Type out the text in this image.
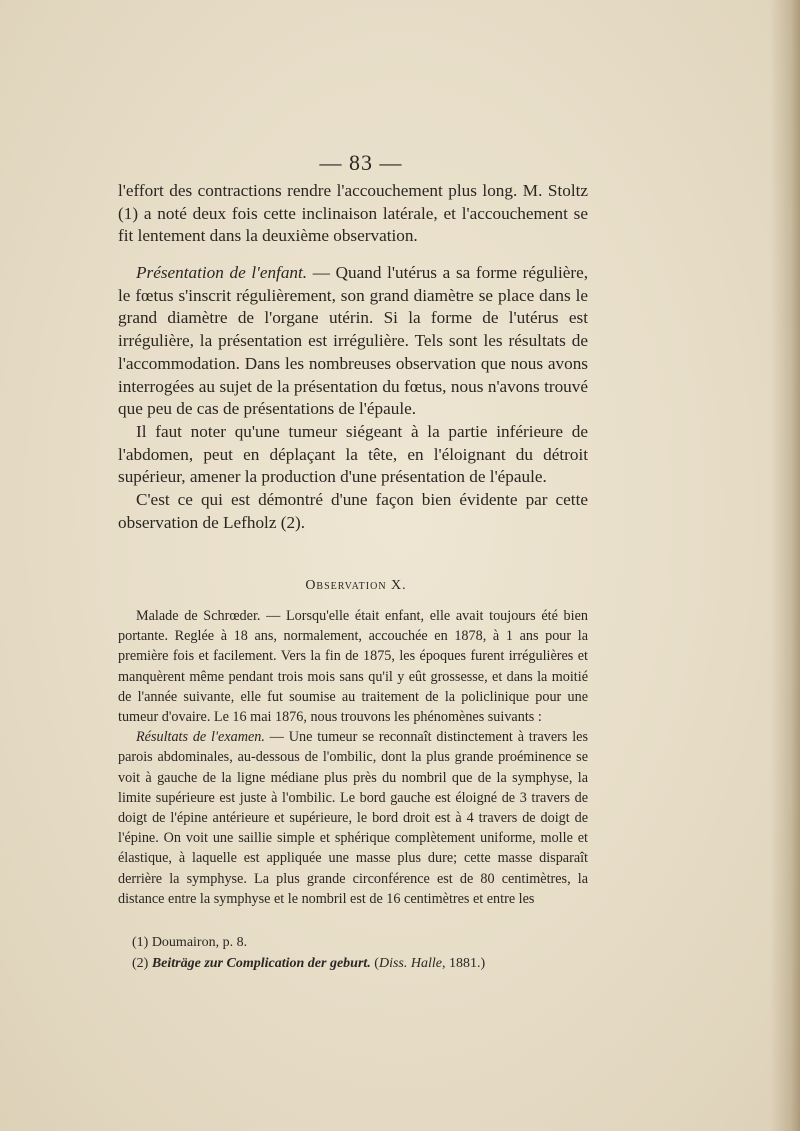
— 83 —

l'effort des contractions rendre l'accouchement plus long. M. Stoltz (1) a noté deux fois cette inclinaison latérale, et l'accouchement se fit lentement dans la deuxième observation.

Présentation de l'enfant. — Quand l'utérus a sa forme régulière, le fœtus s'inscrit régulièrement, son grand diamètre se place dans le grand diamètre de l'organe utérin. Si la forme de l'utérus est irrégulière, la présentation est irrégulière. Tels sont les résultats de l'accommodation. Dans les nombreuses observation que nous avons interrogées au sujet de la présentation du fœtus, nous n'avons trouvé que peu de cas de présentations de l'épaule.

Il faut noter qu'une tumeur siégeant à la partie inférieure de l'abdomen, peut en déplaçant la tête, en l'éloignant du détroit supérieur, amener la production d'une présentation de l'épaule.

C'est ce qui est démontré d'une façon bien évidente par cette observation de Lefholz (2).

Observation X.

Malade de Schrœder. — Lorsqu'elle était enfant, elle avait toujours été bien portante. Reglée à 18 ans, normalement, accouchée en 1878, à 1 ans pour la première fois et facilement. Vers la fin de 1875, les époques furent irrégulières et manquèrent même pendant trois mois sans qu'il y eût grossesse, et dans la moitié de l'année suivante, elle fut soumise au traitement de la policlinique pour une tumeur d'ovaire. Le 16 mai 1876, nous trouvons les phénomènes suivants :

Résultats de l'examen. — Une tumeur se reconnaît distinctement à travers les parois abdominales, au-dessous de l'ombilic, dont la plus grande proéminence se voit à gauche de la ligne médiane plus près du nombril que de la symphyse, la limite supérieure est juste à l'ombilic. Le bord gauche est éloigné de 3 travers de doigt de l'épine antérieure et supérieure, le bord droit est à 4 travers de doigt de l'épine. On voit une saillie simple et sphérique complètement uniforme, molle et élastique, à laquelle est appliquée une masse plus dure; cette masse disparaît derrière la symphyse. La plus grande circonférence est de 80 centimètres, la distance entre la symphyse et le nombril est de 16 centimètres et entre les

(1) Doumairon, p. 8.
(2) Beiträge zur Complication der geburt. (Diss. Halle, 1881.)
